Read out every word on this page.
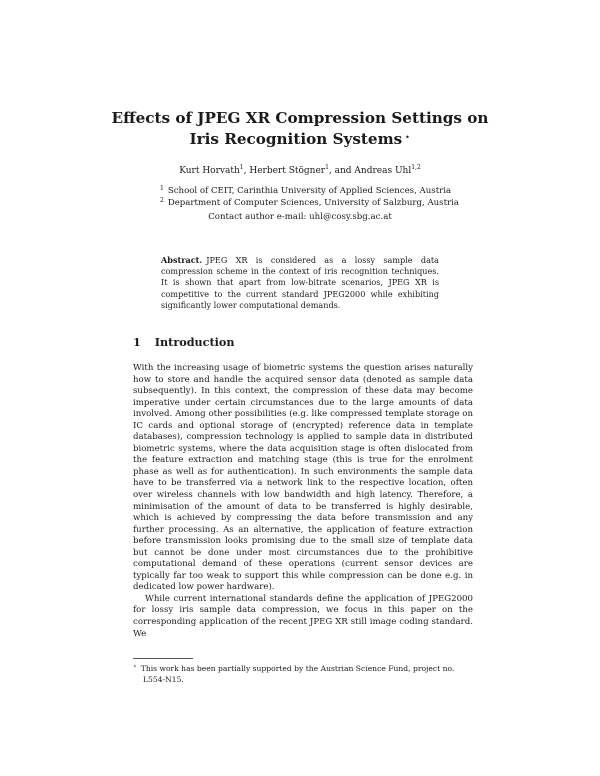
Effects of JPEG XR Compression Settings on
Iris Recognition Systems ⋆
Kurt Horvath$^1$, Herbert Stögner$^1$, and Andreas Uhl$^{1,2}$
$^1$ School of CEIT, Carinthia University of Applied Sciences, Austria
$^2$ Department of Computer Sciences, University of Salzburg, Austria
Contact author e-mail: uhl@cosy.sbg.ac.at

Abstract. JPEG XR is considered as a lossy sample data compression scheme in the context of iris recognition techniques. It is shown that apart from low-bitrate scenarios, JPEG XR is competitive to the current standard JPEG2000 while exhibiting significantly lower computational demands.

1 Introduction

With the increasing usage of biometric systems the question arises naturally how to store and handle the acquired sensor data (denoted as sample data subsequently). In this context, the compression of these data may become imperative under certain circumstances due to the large amounts of data involved. Among other possibilities (e.g. like compressed template storage on IC cards and optional storage of (encrypted) reference data in template databases), compression technology is applied to sample data in distributed biometric systems, where the data acquisition stage is often dislocated from the feature extraction and matching stage (this is true for the enrolment phase as well as for authentication). In such environments the sample data have to be transferred via a network link to the respective location, often over wireless channels with low bandwidth and high latency. Therefore, a minimisation of the amount of data to be transferred is highly desirable, which is achieved by compressing the data before transmission and any further processing. As an alternative, the application of feature extraction before transmission looks promising due to the small size of template data but cannot be done under most circumstances due to the prohibitive computational demand of these operations (current sensor devices are typically far too weak to support this while compression can be done e.g. in dedicated low power hardware).

While current international standards define the application of JPEG2000 for lossy iris sample data compression, we focus in this paper on the corresponding application of the recent JPEG XR still image coding standard. We

⋆ This work has been partially supported by the Austrian Science Fund, project no.
L554-N15.
